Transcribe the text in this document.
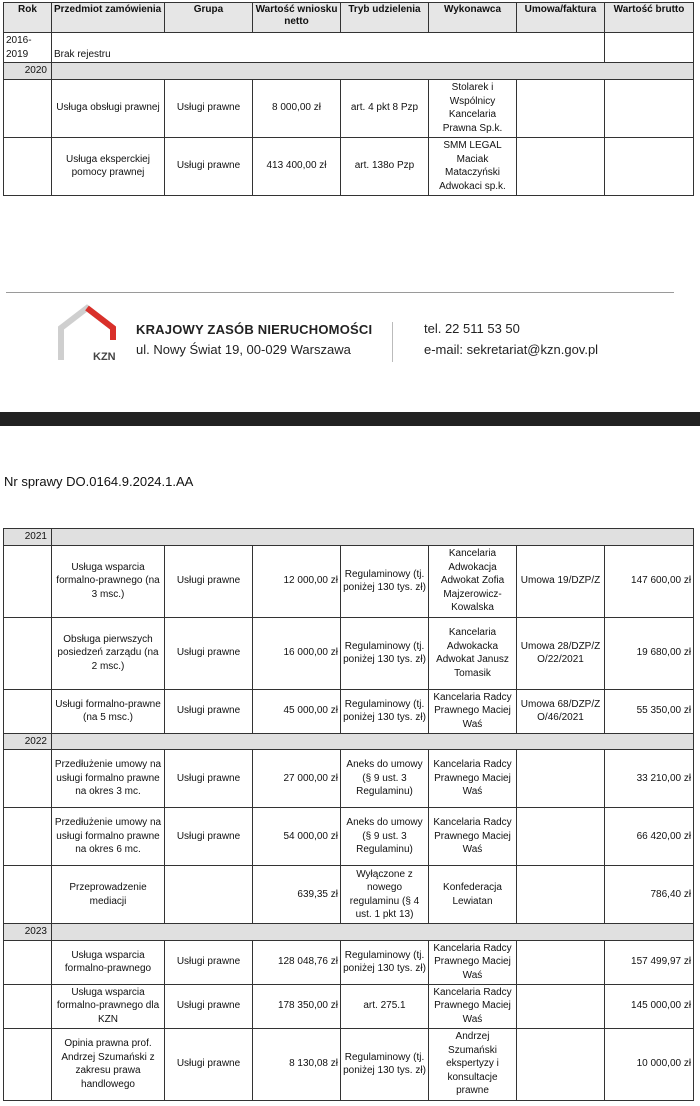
Rok	Przedmiot zamówienia	Grupa	Wartość wniosku netto	Tryb udzielenia	Wykonawca	Umowa/faktura	Wartość brutto
2016-2019	Brak rejestru						
2020							
	Usługa obsługi prawnej	Usługi prawne	8 000,00 zł	art. 4 pkt 8 Pzp	Stolarek i Wspólnicy Kancelaria Prawna Sp.k.		
	Usługa eksperckiej pomocy prawnej	Usługi prawne	413 400,00 zł	art. 138o Pzp	SMM LEGAL Maciak Mataczyński Adwokaci sp.k.		
KZN
KRAJOWY ZASÓB NIERUCHOMOŚCI
ul. Nowy Świat 19, 00-029 Warszawa
tel. 22 511 53 50
e-mail: sekretariat@kzn.gov.pl
Nr sprawy DO.0164.9.2024.1.AA
2021							
	Usługa wsparcia formalno-prawnego (na 3 msc.)	Usługi prawne	12 000,00 zł	Regulaminowy (tj. poniżej 130 tys. zł)	Kancelaria Adwokacja Adwokat Zofia Majzerowicz-Kowalska	Umowa 19/DZP/Z	147 600,00 zł
	Obsługa pierwszych posiedzeń zarządu (na 2 msc.)	Usługi prawne	16 000,00 zł	Regulaminowy (tj. poniżej 130 tys. zł)	Kancelaria Adwokacka Adwokat Janusz Tomasik	Umowa 28/DZP/ZO/22/2021	19 680,00 zł
	Usługi formalno-prawne (na 5 msc.)	Usługi prawne	45 000,00 zł	Regulaminowy (tj. poniżej 130 tys. zł)	Kancelaria Radcy Prawnego Maciej Waś	Umowa 68/DZP/ZO/46/2021	55 350,00 zł
2022							
	Przedłużenie umowy na usługi formalno prawne na okres 3 mc.	Usługi prawne	27 000,00 zł	Aneks do umowy (§ 9 ust. 3 Regulaminu)	Kancelaria Radcy Prawnego Maciej Waś		33 210,00 zł
	Przedłużenie umowy na usługi formalno prawne na okres 6 mc.	Usługi prawne	54 000,00 zł	Aneks do umowy (§ 9 ust. 3 Regulaminu)	Kancelaria Radcy Prawnego Maciej Waś		66 420,00 zł
	Przeprowadzenie mediacji		639,35 zł	Wyłączone z nowego regulaminu (§ 4 ust. 1 pkt 13)	Konfederacja Lewiatan		786,40 zł
2023							
	Usługa wsparcia formalno-prawnego	Usługi prawne	128 048,76 zł	Regulaminowy (tj. poniżej 130 tys. zł)	Kancelaria Radcy Prawnego Maciej Waś		157 499,97 zł
	Usługa wsparcia formalno-prawnego dla KZN	Usługi prawne	178 350,00 zł	art. 275.1	Kancelaria Radcy Prawnego Maciej Waś		145 000,00 zł
	Opinia prawna prof. Andrzej Szumański z zakresu prawa handlowego	Usługi prawne	8 130,08 zł	Regulaminowy (tj. poniżej 130 tys. zł)	Andrzej Szumański ekspertyzy i konsultacje prawne		10 000,00 zł
